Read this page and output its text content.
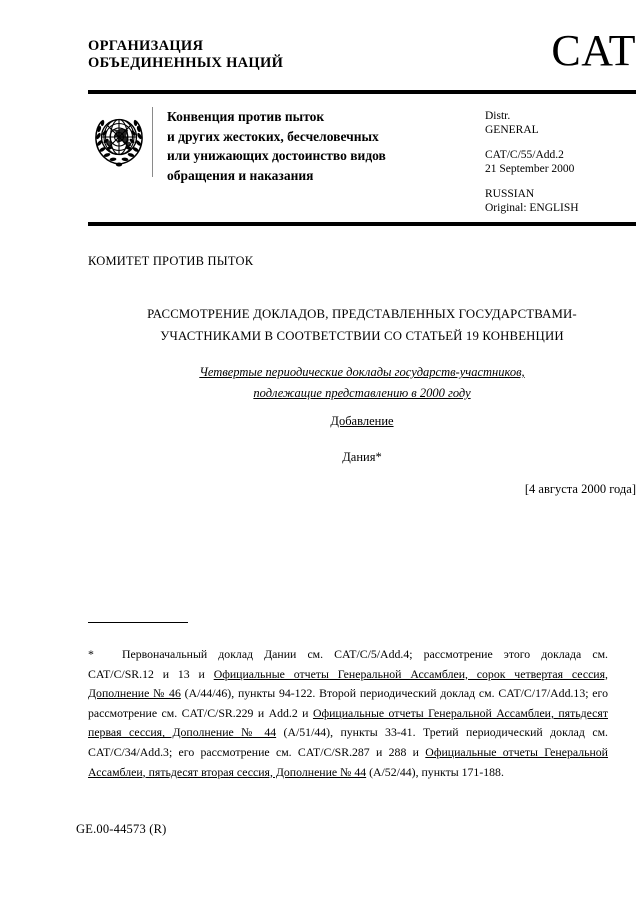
ОРГАНИЗАЦИЯ
ОБЪЕДИНЕННЫХ НАЦИЙ	CAT
Конвенция против пыток
и других жестоких, бесчеловечных
или унижающих достоинство видов
обращения и наказания
Distr.
GENERAL
CAT/C/55/Add.2
21 September 2000
RUSSIAN
Original: ENGLISH
КОМИТЕТ ПРОТИВ ПЫТОК
РАССМОТРЕНИЕ ДОКЛАДОВ, ПРЕДСТАВЛЕННЫХ ГОСУДАРСТВАМИ-
УЧАСТНИКАМИ В СООТВЕТСТВИИ СО СТАТЬЕЙ 19 КОНВЕНЦИИ
Четвертые периодические доклады государств-участников,
подлежащие представлению в 2000 году
Добавление
Дания*
[4 августа 2000 года]
* Первоначальный доклад Дании см. CAT/C/5/Add.4; рассмотрение этого доклада см. CAT/C/SR.12 и 13 и Официальные отчеты Генеральной Ассамблеи, сорок четвертая сессия, Дополнение № 46 (A/44/46), пункты 94-122. Второй периодический доклад см. CAT/C/17/Add.13; его рассмотрение см. CAT/C/SR.229 и Add.2 и Официальные отчеты Генеральной Ассамблеи, пятьдесят первая сессия, Дополнение № 44 (A/51/44), пункты 33-41. Третий периодический доклад см. CAT/C/34/Add.3; его рассмотрение см. CAT/C/SR.287 и 288 и Официальные отчеты Генеральной Ассамблеи, пятьдесят вторая сессия, Дополнение № 44 (A/52/44), пункты 171-188.
GE.00-44573 (R)
